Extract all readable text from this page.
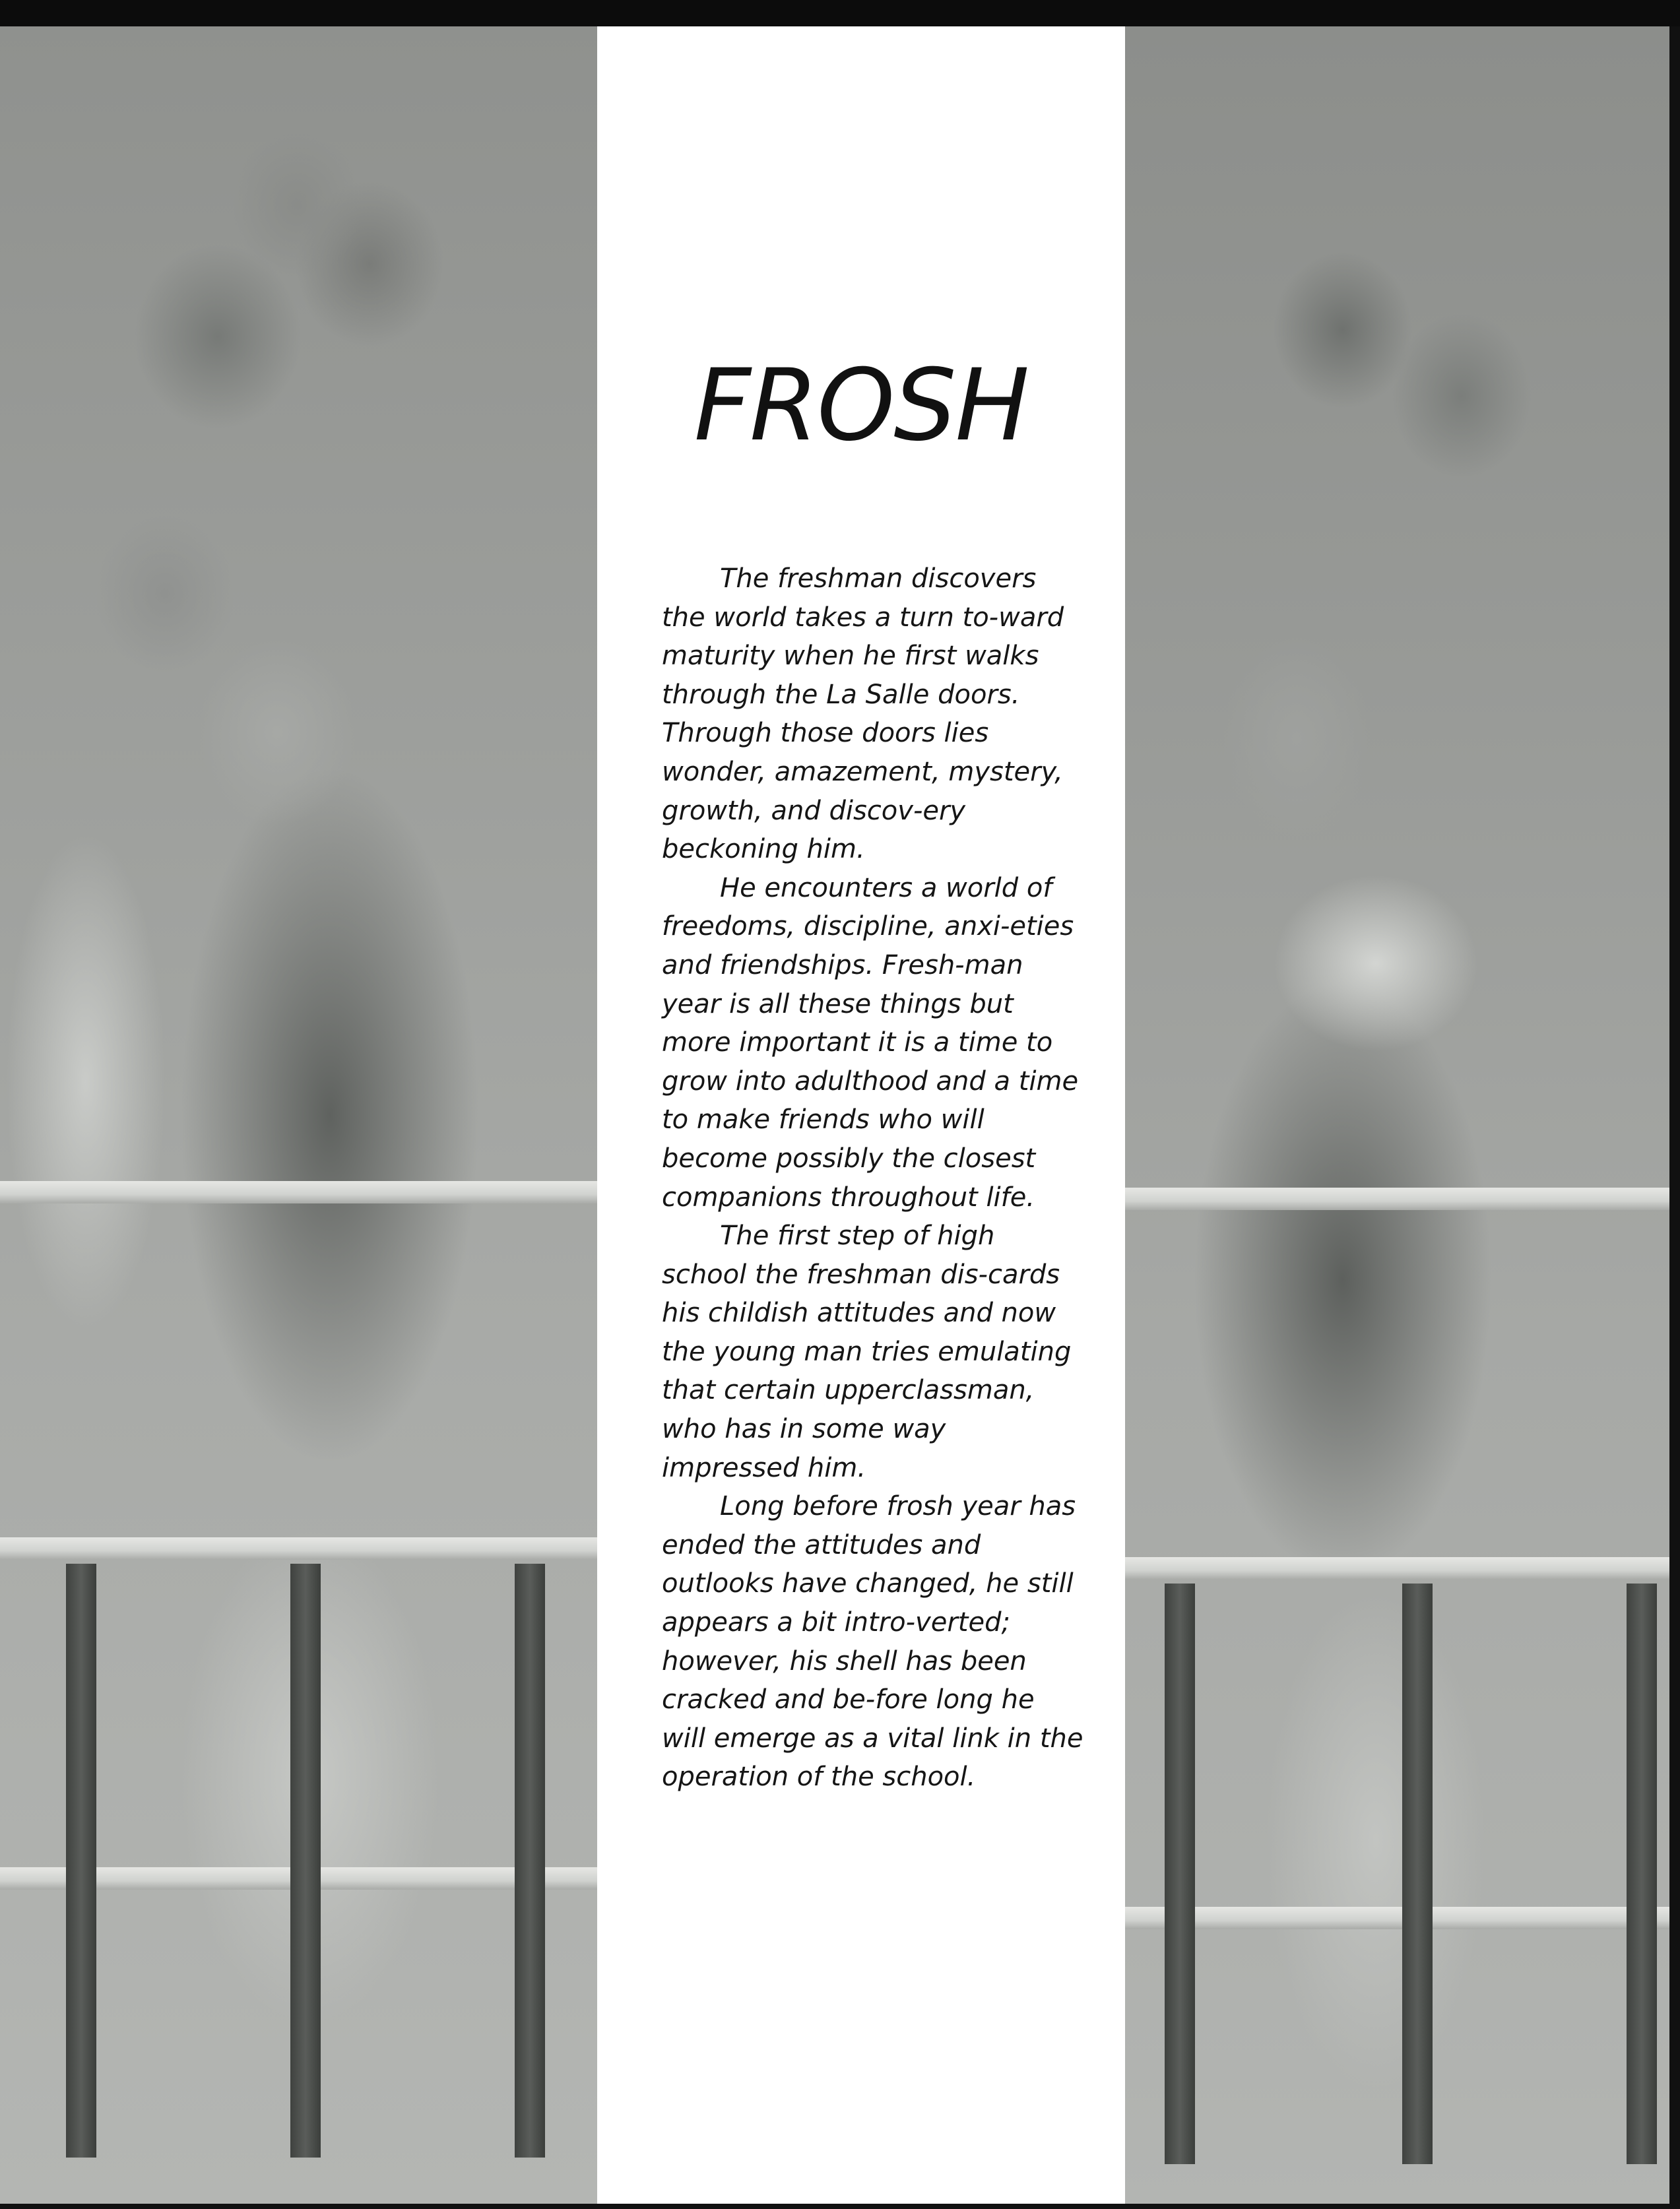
FROSH

The freshman discovers the world takes a turn to-ward maturity when he first walks through the La Salle doors. Through those doors lies wonder, amazement, mystery, growth, and discov-ery beckoning him.

He encounters a world of freedoms, discipline, anxi-eties and friendships. Fresh-man year is all these things but more important it is a time to grow into adulthood and a time to make friends who will become possibly the closest companions throughout life.

The first step of high school the freshman dis-cards his childish attitudes and now the young man tries emulating that certain upperclassman, who has in some way impressed him.

Long before frosh year has ended the attitudes and outlooks have changed, he still appears a bit intro-verted; however, his shell has been cracked and be-fore long he will emerge as a vital link in the operation of the school.
